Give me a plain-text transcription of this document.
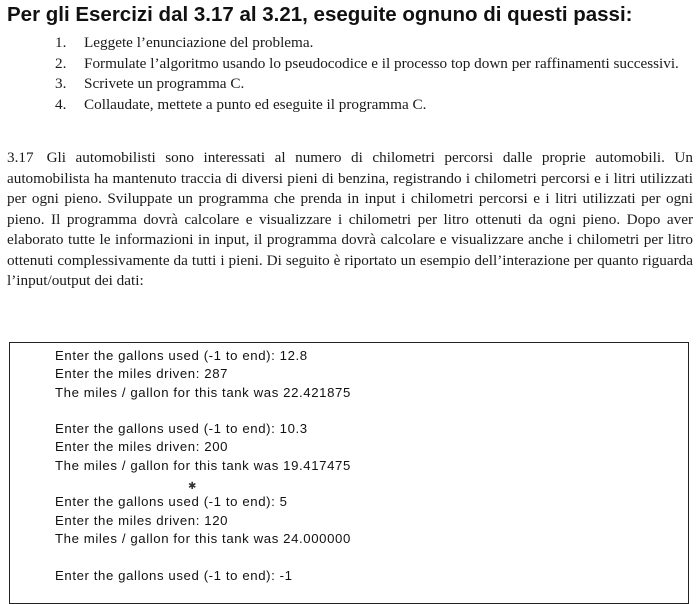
Per gli Esercizi dal 3.17 al 3.21, eseguite ognuno di questi passi:
1. Leggete l’enunciazione del problema.
2. Formulate l’algoritmo usando lo pseudocodice e il processo top down per raffinamenti successivi.
3. Scrivete un programma C.
4. Collaudate, mettete a punto ed eseguite il programma C.
3.17 Gli automobilisti sono interessati al numero di chilometri percorsi dalle proprie automobili. Un automobilista ha mantenuto traccia di diversi pieni di benzina, registrando i chilometri percorsi e i litri utilizzati per ogni pieno. Sviluppate un programma che prenda in input i chilometri percorsi e i litri utilizzati per ogni pieno. Il programma dovrà calcolare e visualizzare i chilometri per litro ottenuti da ogni pieno. Dopo aver elaborato tutte le informazioni in input, il programma dovrà calcolare e visualizzare anche i chilometri per litro ottenuti complessivamente da tutti i pieni. Di seguito è riportato un esempio dell’interazione per quanto riguarda l’input/output dei dati:
Enter the gallons used (-1 to end): 12.8
Enter the miles driven: 287
The miles / gallon for this tank was 22.421875

Enter the gallons used (-1 to end): 10.3
Enter the miles driven: 200
The miles / gallon for this tank was 19.417475

Enter the gallons used (-1 to end): 5
Enter the miles driven: 120
The miles / gallon for this tank was 24.000000

Enter the gallons used (-1 to end): -1
✱
